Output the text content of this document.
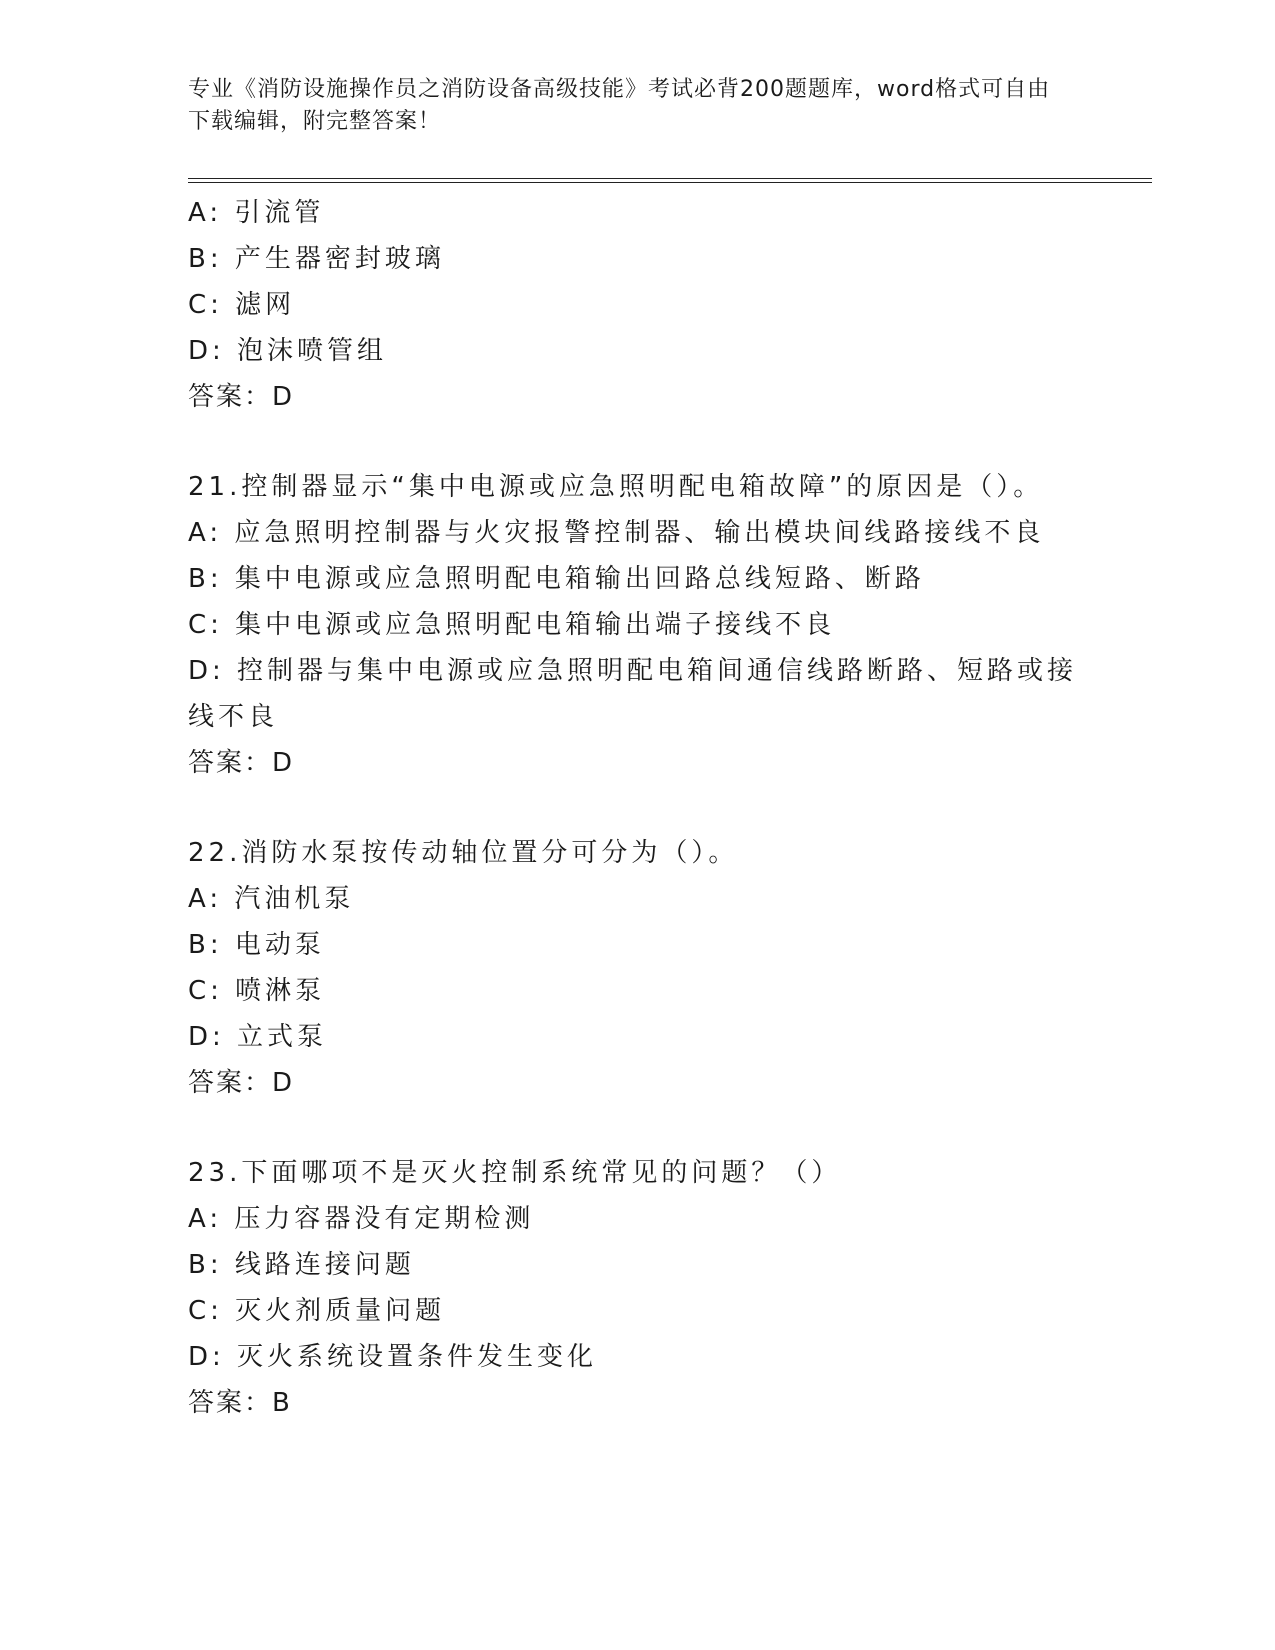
专业《消防设施操作员之消防设备高级技能》考试必背200题题库，word格式可自由下载编辑，附完整答案！
A: 引流管
B: 产生器密封玻璃
C: 滤网
D: 泡沫喷管组
答案：D
21.控制器显示“集中电源或应急照明配电箱故障”的原因是（）。
A: 应急照明控制器与火灾报警控制器、输出模块间线路接线不良
B: 集中电源或应急照明配电箱输出回路总线短路、断路
C: 集中电源或应急照明配电箱输出端子接线不良
D: 控制器与集中电源或应急照明配电箱间通信线路断路、短路或接线不良
答案：D
22.消防水泵按传动轴位置分可分为（）。
A: 汽油机泵
B: 电动泵
C: 喷淋泵
D: 立式泵
答案：D
23.下面哪项不是灭火控制系统常见的问题？（）
A: 压力容器没有定期检测
B: 线路连接问题
C: 灭火剂质量问题
D: 灭火系统设置条件发生变化
答案：B
